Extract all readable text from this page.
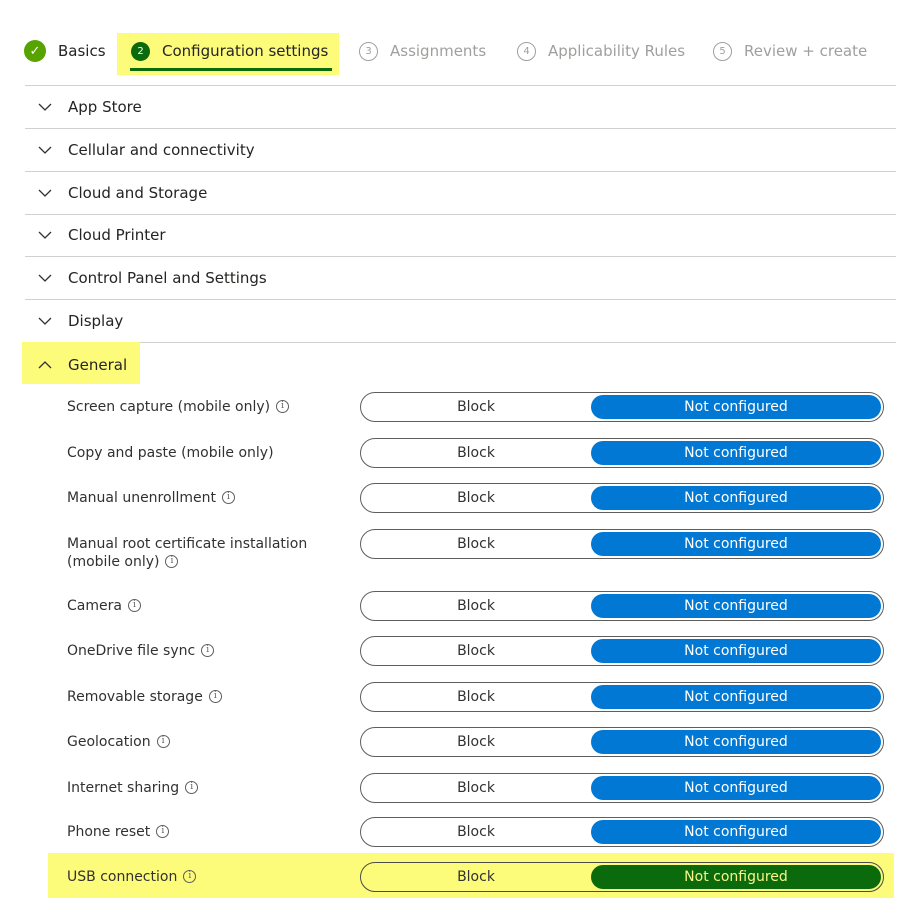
✓	Basics	2	Configuration settings	3	Assignments	4	Applicability Rules	5	Review + create
App Store
Cellular and connectivity
Cloud and Storage
Cloud Printer
Control Panel and Settings
Display
General
Screen capture (mobile only) i	Block	Not configured
Copy and paste (mobile only)	Block	Not configured
Manual unenrollment i	Block	Not configured
Manual root certificate installation
(mobile only) i
Block	Not configured
Camera i	Block	Not configured
OneDrive file sync i	Block	Not configured
Removable storage i	Block	Not configured
Geolocation i	Block	Not configured
Internet sharing i	Block	Not configured
Phone reset i	Block	Not configured
USB connection i	Block	Not configured
